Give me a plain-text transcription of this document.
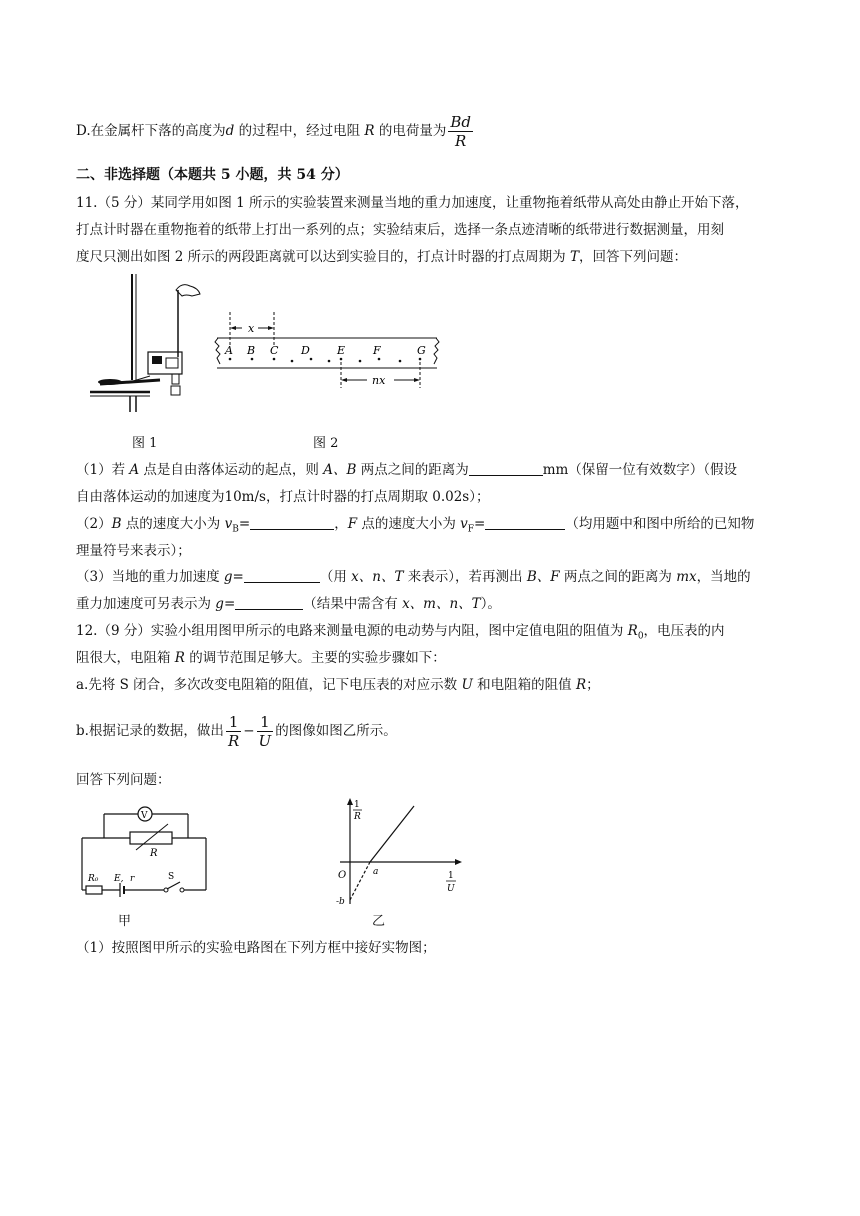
D.在金属杆下落的高度为d 的过程中，经过电阻 R 的电荷量为 $\frac{Bd}{R}$
二、非选择题（本题共 5 小题，共 54 分）
11.（5 分）某同学用如图 1 所示的实验装置来测量当地的重力加速度，让重物拖着纸带从高处由静止开始下落，
打点计时器在重物拖着的纸带上打出一系列的点；实验结束后，选择一条点迹清晰的纸带进行数据测量，用刻
度尺只测出如图 2 所示的两段距离就可以达到实验目的，打点计时器的打点周期为 T，回答下列问题：
x
A B C D E	F	G
nx
图 1	图 2
（1）若 A 点是自由落体运动的起点，则 A、B 两点之间的距离为	mm（保留一位有效数字）（假设
自由落体运动的加速度为10m/s，打点计时器的打点周期取 0.02s）；
（2）B 点的速度大小为 $v_B=$	，F 点的速度大小为 $v_F=$	（均用题中和图中所给的已知物
理量符号来表示）；
（3）当地的重力加速度 g=	（用 x、n、T 来表示），若再测出 B、F 两点之间的距离为 mx，当地的
重力加速度可另表示为 g=	（结果中需含有 x、m、n、T）。
12.（9 分）实验小组用图甲所示的电路来测量电源的电动势与内阻，图中定值电阻的阻值为 $R_0$，电压表的内
阻很大，电阻箱 R 的调节范围足够大。主要的实验步骤如下：
a.先将 S 闭合，多次改变电阻箱的阻值，记下电压表的对应示数 U 和电阻箱的阻值 R；
b.根据记录的数据，做出 $\frac{1}{R} - \frac{1}{U}$ 的图像如图乙所示。
回答下列问题：
R
V
R₀ E, r	S
甲
1
R
1
U
O	a
-b
乙
（1）按照图甲所示的实验电路图在下列方框中接好实物图；
